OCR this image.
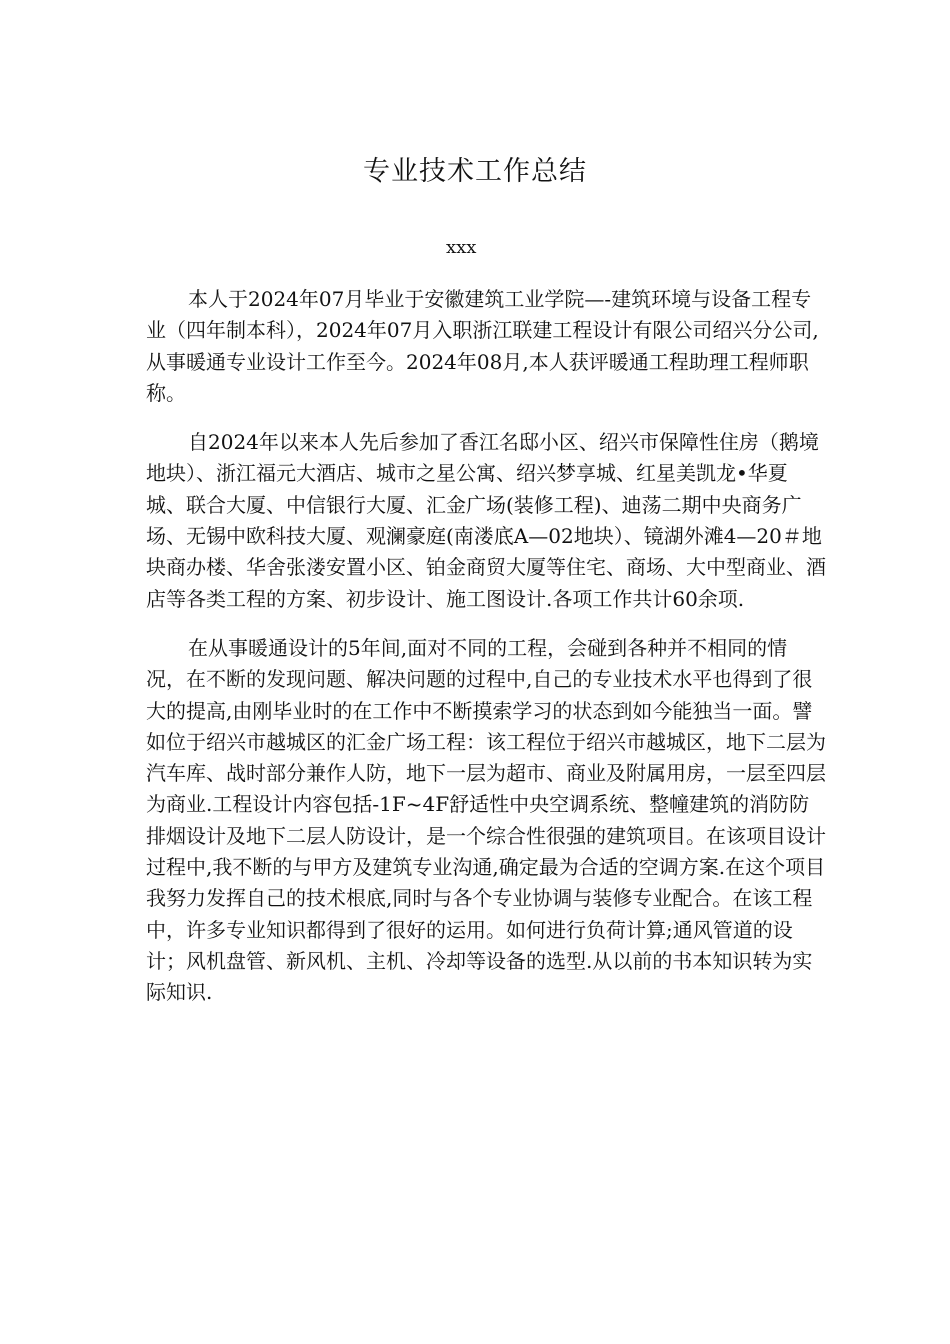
专业技术工作总结

xxx

本人于2024年07月毕业于安徽建筑工业学院—-建筑环境与设备工程专业（四年制本科），2024年07月入职浙江联建工程设计有限公司绍兴分公司,从事暖通专业设计工作至今。2024年08月,本人获评暖通工程助理工程师职称。

自2024年以来本人先后参加了香江名邸小区、绍兴市保障性住房（鹅境地块）、浙江福元大酒店、城市之星公寓、绍兴梦享城、红星美凯龙•华夏城、联合大厦、中信银行大厦、汇金广场(装修工程)、迪荡二期中央商务广场、无锡中欧科技大厦、观澜豪庭(南溇底A—02地块）、镜湖外滩4—20＃地块商办楼、华舍张溇安置小区、铂金商贸大厦等住宅、商场、大中型商业、酒店等各类工程的方案、初步设计、施工图设计.各项工作共计60余项.

在从事暖通设计的5年间,面对不同的工程，会碰到各种并不相同的情况，在不断的发现问题、解决问题的过程中,自己的专业技术水平也得到了很大的提高,由刚毕业时的在工作中不断摸索学习的状态到如今能独当一面。譬如位于绍兴市越城区的汇金广场工程：该工程位于绍兴市越城区，地下二层为汽车库、战时部分兼作人防，地下一层为超市、商业及附属用房，一层至四层为商业.工程设计内容包括-1F~4F舒适性中央空调系统、整幢建筑的消防防排烟设计及地下二层人防设计，是一个综合性很强的建筑项目。在该项目设计过程中,我不断的与甲方及建筑专业沟通,确定最为合适的空调方案.在这个项目我努力发挥自己的技术根底,同时与各个专业协调与装修专业配合。在该工程中，许多专业知识都得到了很好的运用。如何进行负荷计算;通风管道的设计；风机盘管、新风机、主机、冷却等设备的选型.从以前的书本知识转为实际知识.
